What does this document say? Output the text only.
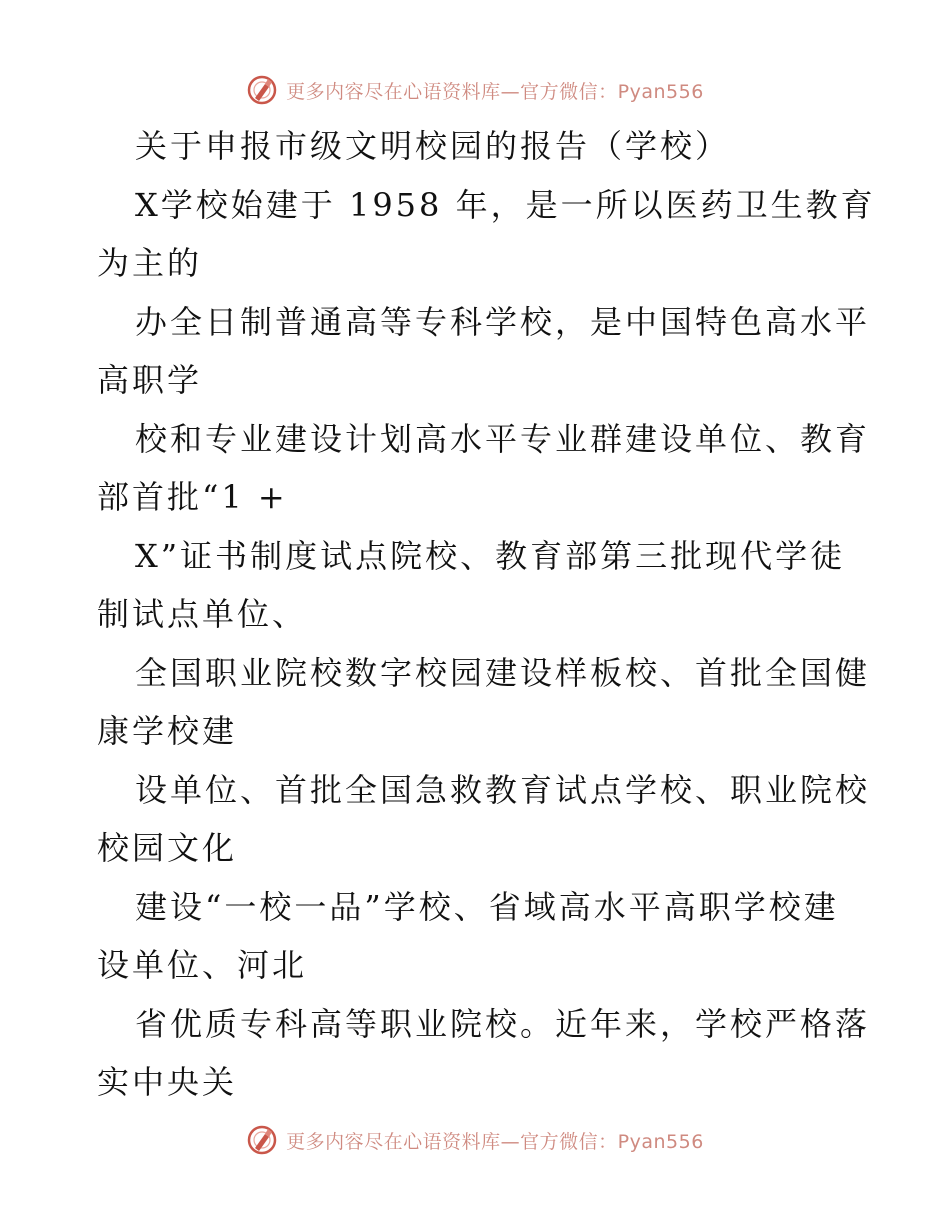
更多内容尽在心语资料库—官方微信：Pyan556
关于申报市级文明校园的报告（学校）
X学校始建于 1958 年，是一所以医药卫生教育
为主的
办全日制普通高等专科学校，是中国特色高水平
高职学
校和专业建设计划高水平专业群建设单位、教育
部首批“1 +
X”证书制度试点院校、教育部第三批现代学徒
制试点单位、
全国职业院校数字校园建设样板校、首批全国健
康学校建
设单位、首批全国急救教育试点学校、职业院校
校园文化
建设“一校一品”学校、省域高水平高职学校建
设单位、河北
省优质专科高等职业院校。近年来，学校严格落
实中央关
更多内容尽在心语资料库—官方微信：Pyan556
